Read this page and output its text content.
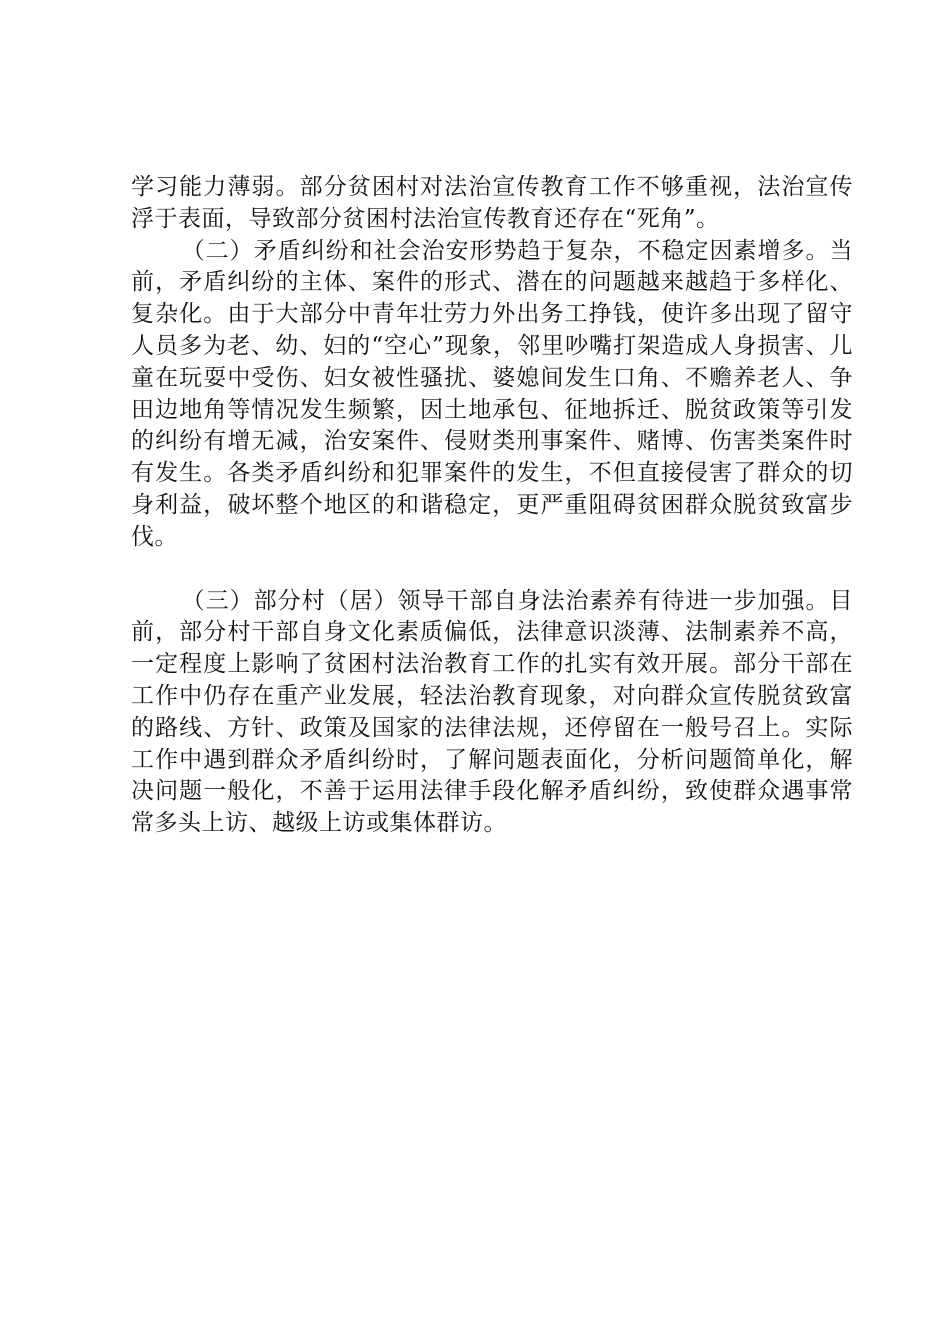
学习能力薄弱。部分贫困村对法治宣传教育工作不够重视，法治宣传浮于表面，导致部分贫困村法治宣传教育还存在“死角”。

（二）矛盾纠纷和社会治安形势趋于复杂，不稳定因素增多。当前，矛盾纠纷的主体、案件的形式、潜在的问题越来越趋于多样化、复杂化。由于大部分中青年壮劳力外出务工挣钱，使许多出现了留守人员多为老、幼、妇的“空心”现象，邻里吵嘴打架造成人身损害、儿童在玩耍中受伤、妇女被性骚扰、婆媳间发生口角、不赡养老人、争田边地角等情况发生频繁，因土地承包、征地拆迁、脱贫政策等引发的纠纷有增无减，治安案件、侵财类刑事案件、赌博、伤害类案件时有发生。各类矛盾纠纷和犯罪案件的发生，不但直接侵害了群众的切身利益，破坏整个地区的和谐稳定，更严重阻碍贫困群众脱贫致富步伐。

（三）部分村（居）领导干部自身法治素养有待进一步加强。目前，部分村干部自身文化素质偏低，法律意识淡薄、法制素养不高，一定程度上影响了贫困村法治教育工作的扎实有效开展。部分干部在工作中仍存在重产业发展，轻法治教育现象，对向群众宣传脱贫致富的路线、方针、政策及国家的法律法规，还停留在一般号召上。实际工作中遇到群众矛盾纠纷时，了解问题表面化，分析问题简单化，解决问题一般化，不善于运用法律手段化解矛盾纠纷，致使群众遇事常常多头上访、越级上访或集体群访。
